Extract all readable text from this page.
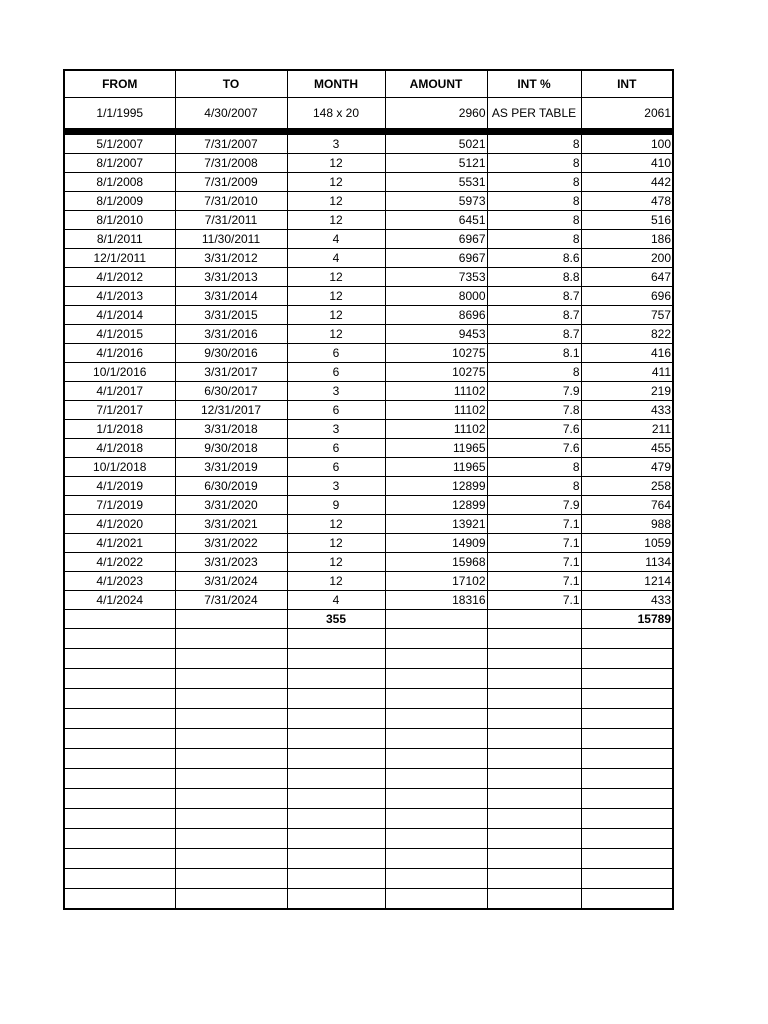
FROM	TO	MONTH	AMOUNT	INT %	INT
1/1/1995	4/30/2007	148 x 20	2960	AS PER TABLE	2061
5/1/2007	7/31/2007	3	5021	8	100
8/1/2007	7/31/2008	12	5121	8	410
8/1/2008	7/31/2009	12	5531	8	442
8/1/2009	7/31/2010	12	5973	8	478
8/1/2010	7/31/2011	12	6451	8	516
8/1/2011	11/30/2011	4	6967	8	186
12/1/2011	3/31/2012	4	6967	8.6	200
4/1/2012	3/31/2013	12	7353	8.8	647
4/1/2013	3/31/2014	12	8000	8.7	696
4/1/2014	3/31/2015	12	8696	8.7	757
4/1/2015	3/31/2016	12	9453	8.7	822
4/1/2016	9/30/2016	6	10275	8.1	416
10/1/2016	3/31/2017	6	10275	8	411
4/1/2017	6/30/2017	3	11102	7.9	219
7/1/2017	12/31/2017	6	11102	7.8	433
1/1/2018	3/31/2018	3	11102	7.6	211
4/1/2018	9/30/2018	6	11965	7.6	455
10/1/2018	3/31/2019	6	11965	8	479
4/1/2019	6/30/2019	3	12899	8	258
7/1/2019	3/31/2020	9	12899	7.9	764
4/1/2020	3/31/2021	12	13921	7.1	988
4/1/2021	3/31/2022	12	14909	7.1	1059
4/1/2022	3/31/2023	12	15968	7.1	1134
4/1/2023	3/31/2024	12	17102	7.1	1214
4/1/2024	7/31/2024	4	18316	7.1	433
		355			15789
